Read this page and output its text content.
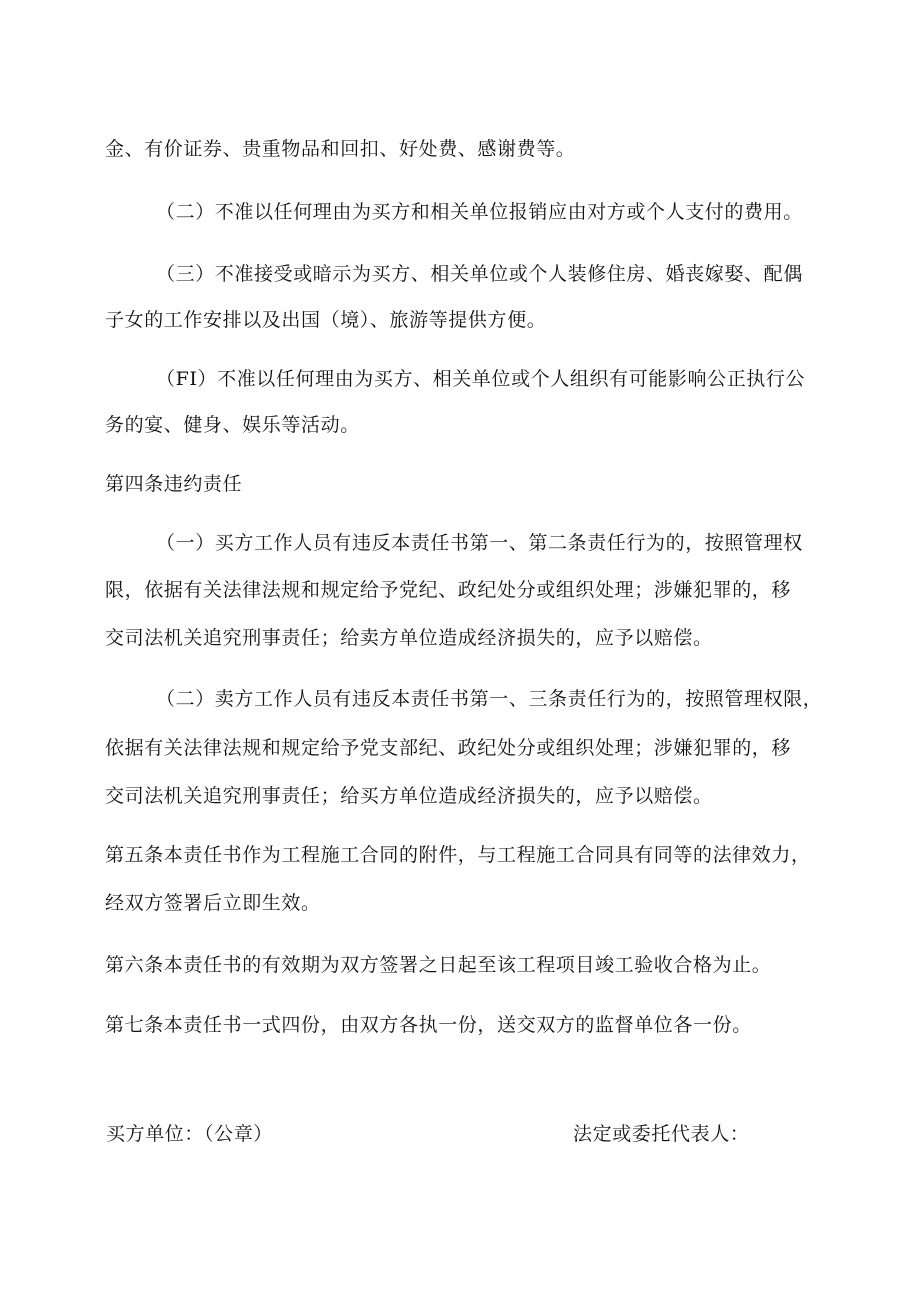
金、有价证券、贵重物品和回扣、好处费、感谢费等。
（二）不准以任何理由为买方和相关单位报销应由对方或个人支付的费用。
（三）不准接受或暗示为买方、相关单位或个人装修住房、婚丧嫁娶、配偶
子女的工作安排以及出国（境）、旅游等提供方便。
（FI）不准以任何理由为买方、相关单位或个人组织有可能影响公正执行公
务的宴、健身、娱乐等活动。
第四条违约责任
（一）买方工作人员有违反本责任书第一、第二条责任行为的，按照管理权
限，依据有关法律法规和规定给予党纪、政纪处分或组织处理；涉嫌犯罪的，移
交司法机关追究刑事责任；给卖方单位造成经济损失的，应予以赔偿。
（二）卖方工作人员有违反本责任书第一、三条责任行为的，按照管理权限，
依据有关法律法规和规定给予党支部纪、政纪处分或组织处理；涉嫌犯罪的，移
交司法机关追究刑事责任；给买方单位造成经济损失的，应予以赔偿。
第五条本责任书作为工程施工合同的附件，与工程施工合同具有同等的法律效力，
经双方签署后立即生效。
第六条本责任书的有效期为双方签署之日起至该工程项目竣工验收合格为止。
第七条本责任书一式四份，由双方各执一份，送交双方的监督单位各一份。
买方单位：（公章）	法定或委托代表人：
